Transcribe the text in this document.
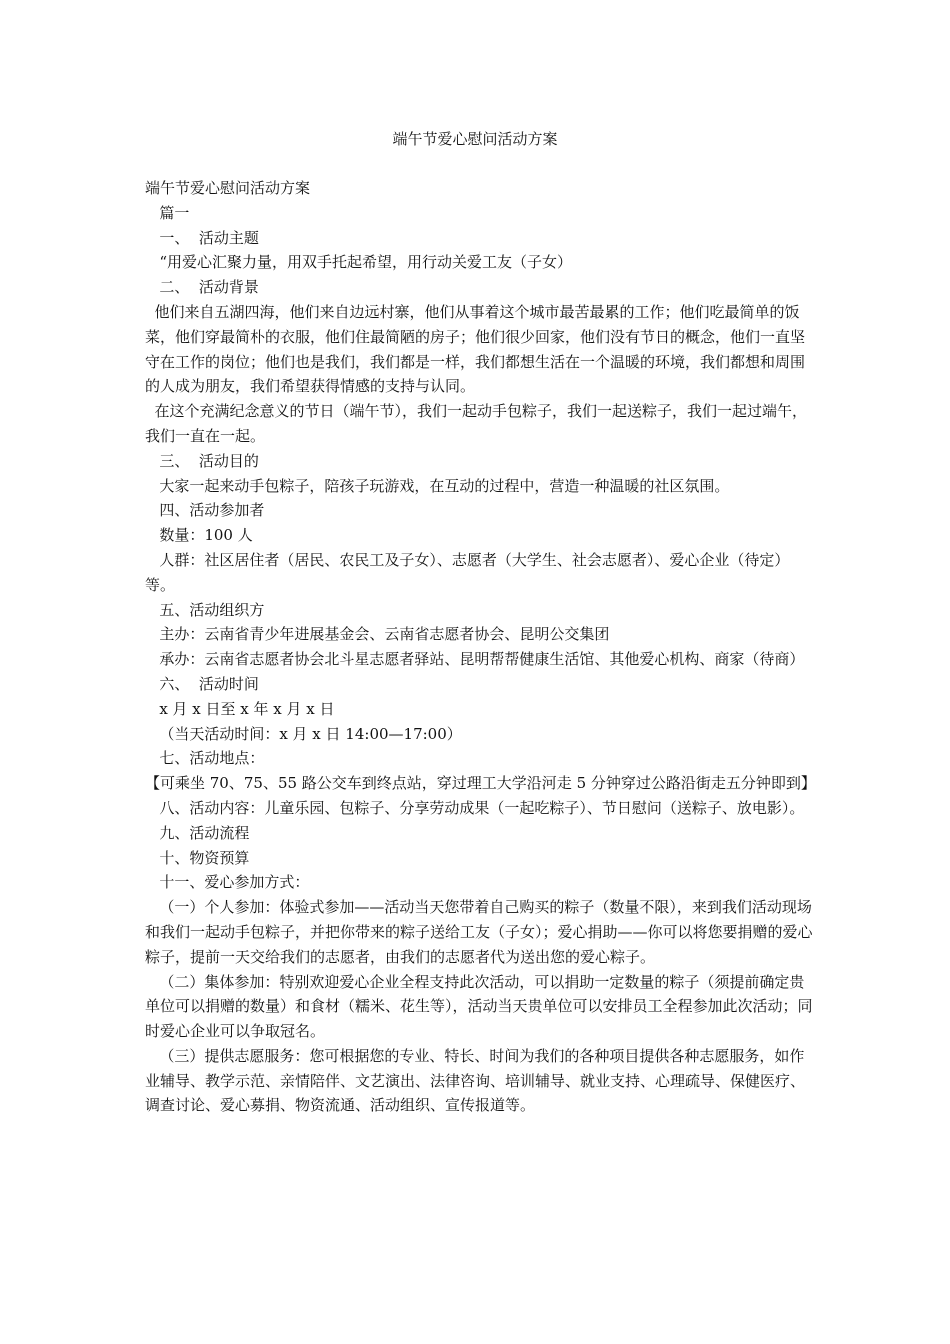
端午节爱心慰问活动方案

端午节爱心慰问活动方案

篇一

一、  活动主题

“用爱心汇聚力量，用双手托起希望，用行动关爱工友（子女）

二、  活动背景

他们来自五湖四海，他们来自边远村寨，他们从事着这个城市最苦最累的工作；他们吃最简单的饭菜，他们穿最简朴的衣服，他们住最简陋的房子；他们很少回家，他们没有节日的概念，他们一直坚守在工作的岗位；他们也是我们，我们都是一样，我们都想生活在一个温暖的环境，我们都想和周围的人成为朋友，我们希望获得情感的支持与认同。

在这个充满纪念意义的节日（端午节），我们一起动手包粽子，我们一起送粽子，我们一起过端午，我们一直在一起。

三、  活动目的

大家一起来动手包粽子，陪孩子玩游戏，在互动的过程中，营造一种温暖的社区氛围。

四、活动参加者

数量：100 人

人群：社区居住者（居民、农民工及子女）、志愿者（大学生、社会志愿者）、爱心企业（待定）等。

五、活动组织方

主办：云南省青少年进展基金会、云南省志愿者协会、昆明公交集团

承办：云南省志愿者协会北斗星志愿者驿站、昆明帮帮健康生活馆、其他爱心机构、商家（待商）

六、  活动时间

x 月 x 日至 x 年 x 月 x 日

（当天活动时间：x 月 x 日 14:00—17:00）

七、活动地点：

【可乘坐 70、75、55 路公交车到终点站，穿过理工大学沿河走 5 分钟穿过公路沿街走五分钟即到】

八、活动内容：儿童乐园、包粽子、分享劳动成果（一起吃粽子）、节日慰问（送粽子、放电影）。

九、活动流程

十、物资预算

十一、爱心参加方式：

（一）个人参加：体验式参加——活动当天您带着自己购买的粽子（数量不限），来到我们活动现场和我们一起动手包粽子，并把你带来的粽子送给工友（子女）；爱心捐助——你可以将您要捐赠的爱心粽子，提前一天交给我们的志愿者，由我们的志愿者代为送出您的爱心粽子。

（二）集体参加：特别欢迎爱心企业全程支持此次活动，可以捐助一定数量的粽子（须提前确定贵单位可以捐赠的数量）和食材（糯米、花生等），活动当天贵单位可以安排员工全程参加此次活动；同时爱心企业可以争取冠名。

（三）提供志愿服务：您可根据您的专业、特长、时间为我们的各种项目提供各种志愿服务，如作业辅导、教学示范、亲情陪伴、文艺演出、法律咨询、培训辅导、就业支持、心理疏导、保健医疗、调查讨论、爱心募捐、物资流通、活动组织、宣传报道等。
